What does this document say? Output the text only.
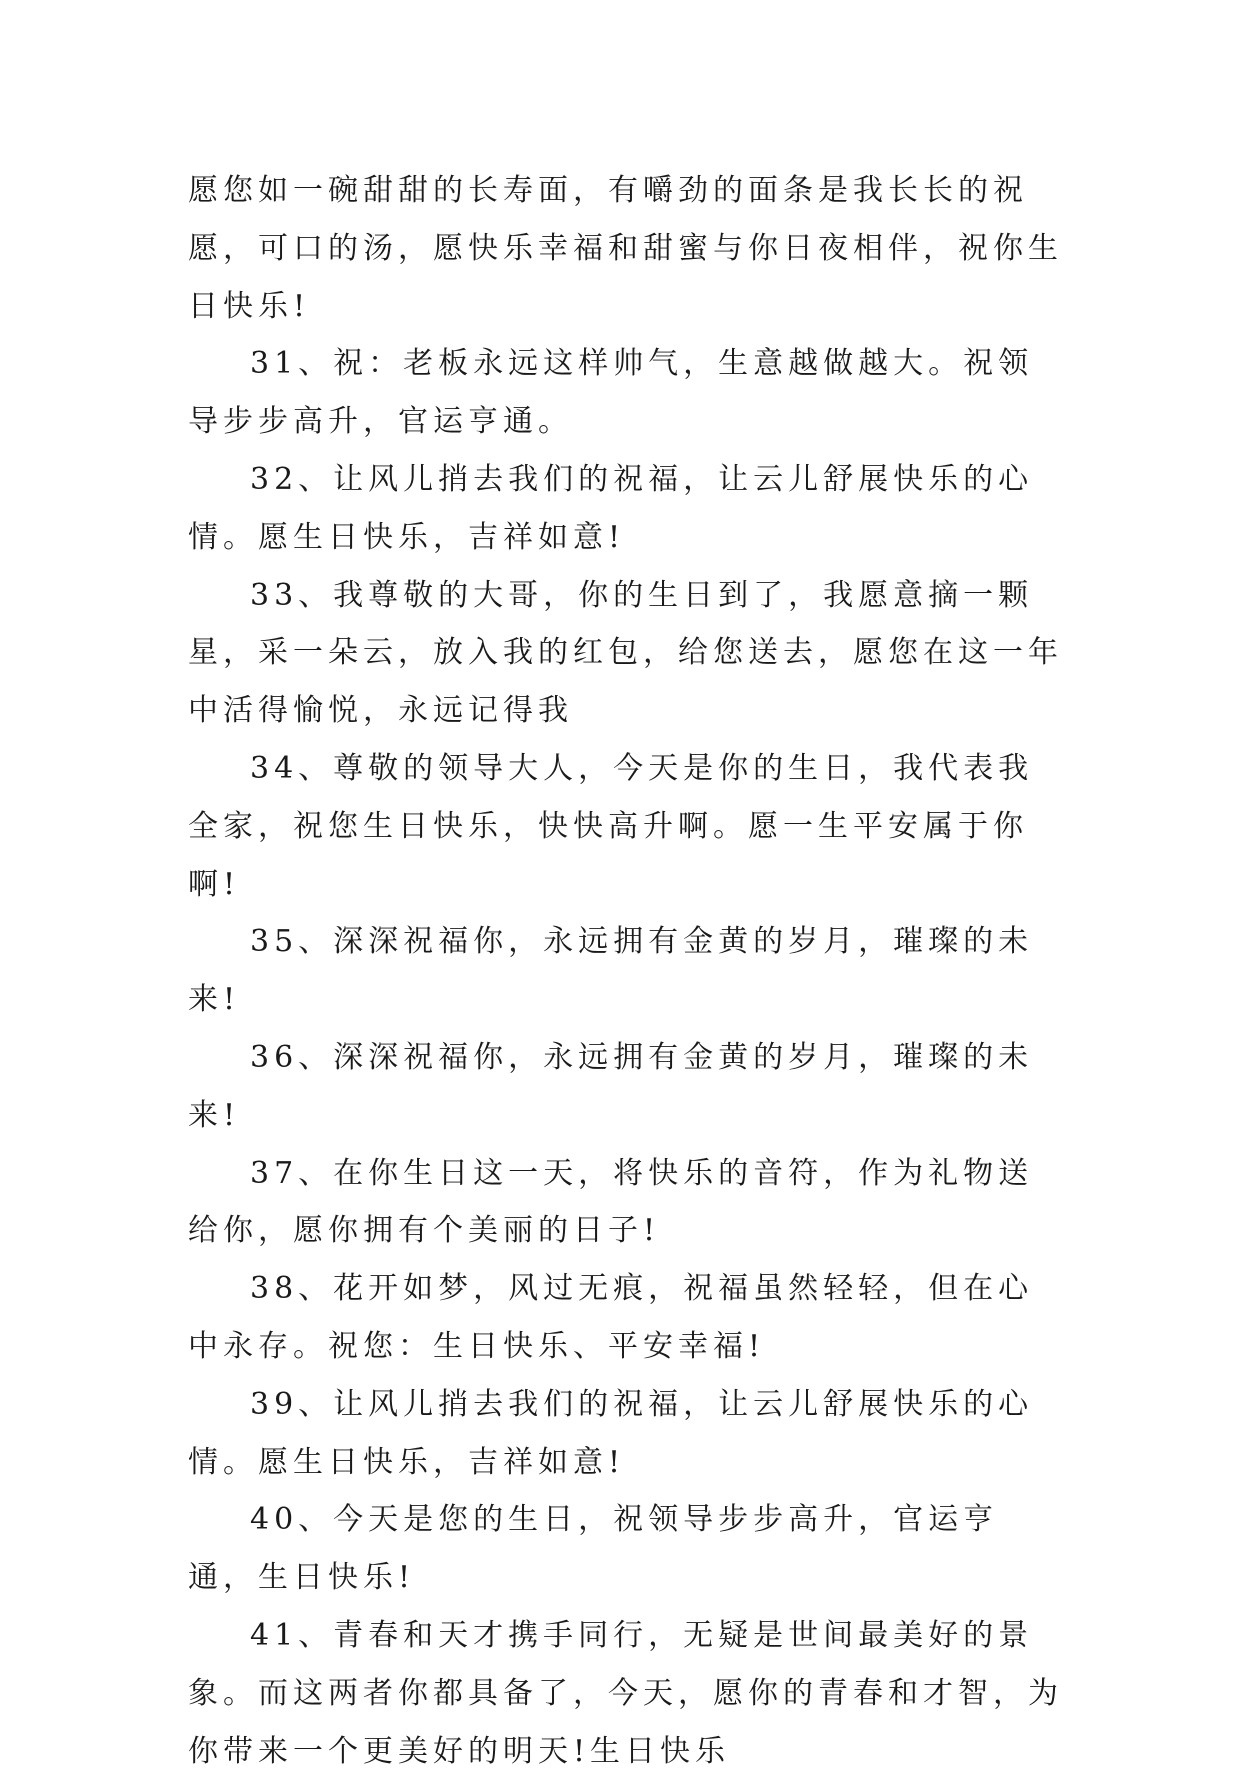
愿您如一碗甜甜的长寿面，有嚼劲的面条是我长长的祝愿，可口的汤，愿快乐幸福和甜蜜与你日夜相伴，祝你生日快乐!

31、祝：老板永远这样帅气，生意越做越大。祝领导步步高升，官运亨通。

32、让风儿捎去我们的祝福，让云儿舒展快乐的心情。愿生日快乐，吉祥如意!

33、我尊敬的大哥，你的生日到了，我愿意摘一颗星，采一朵云，放入我的红包，给您送去，愿您在这一年中活得愉悦，永远记得我

34、尊敬的领导大人，今天是你的生日，我代表我全家，祝您生日快乐，快快高升啊。愿一生平安属于你啊!

35、深深祝福你，永远拥有金黄的岁月，璀璨的未来!

36、深深祝福你，永远拥有金黄的岁月，璀璨的未来!

37、在你生日这一天，将快乐的音符，作为礼物送给你，愿你拥有个美丽的日子!

38、花开如梦，风过无痕，祝福虽然轻轻，但在心中永存。祝您：生日快乐、平安幸福!

39、让风儿捎去我们的祝福，让云儿舒展快乐的心情。愿生日快乐，吉祥如意!

40、今天是您的生日，祝领导步步高升，官运亨通，生日快乐!

41、青春和天才携手同行，无疑是世间最美好的景象。而这两者你都具备了，今天，愿你的青春和才智，为你带来一个更美好的明天!生日快乐
